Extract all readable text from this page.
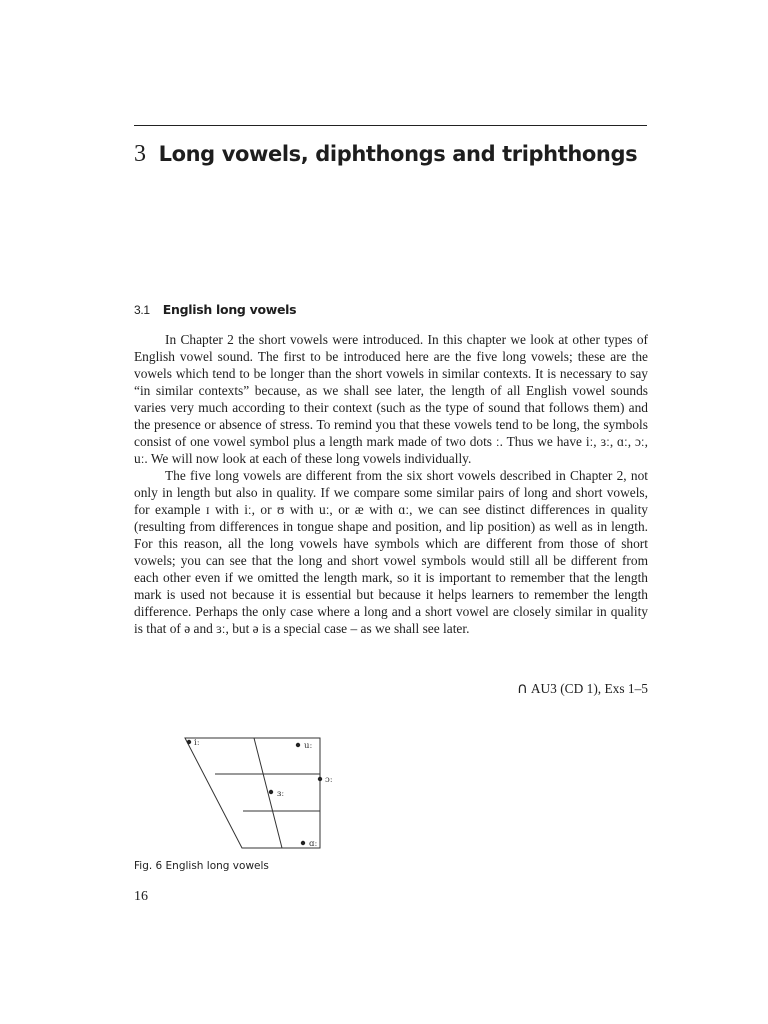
3 Long vowels, diphthongs and triphthongs
3.1 English long vowels

In Chapter 2 the short vowels were introduced. In this chapter we look at other types of English vowel sound. The first to be introduced here are the five long vowels; these are the vowels which tend to be longer than the short vowels in similar contexts. It is necessary to say “in similar contexts” because, as we shall see later, the length of all English vowel sounds varies very much according to their context (such as the type of sound that follows them) and the presence or absence of stress. To remind you that these vowels tend to be long, the symbols consist of one vowel symbol plus a length mark made of two dots ː. Thus we have iː, ɜː, ɑː, ɔː, uː. We will now look at each of these long vowels individually.

The five long vowels are different from the six short vowels described in Chapter 2, not only in length but also in quality. If we compare some similar pairs of long and short vowels, for example ɪ with iː, or ʊ with uː, or æ with ɑː, we can see distinct differences in quality (resulting from differences in tongue shape and position, and lip position) as well as in length. For this reason, all the long vowels have symbols which are different from those of short vowels; you can see that the long and short vowel symbols would still all be different from each other even if we omitted the length mark, so it is important to remember that the length mark is used not because it is essential but because it helps learners to remember the length difference. Perhaps the only case where a long and a short vowel are closely similar in quality is that of ə and ɜː, but ə is a special case – as we shall see later.

∩ AU3 (CD 1), Exs 1–5
iː	uː
ɔː
ɜː
ɑː
Fig. 6 English long vowels
16
